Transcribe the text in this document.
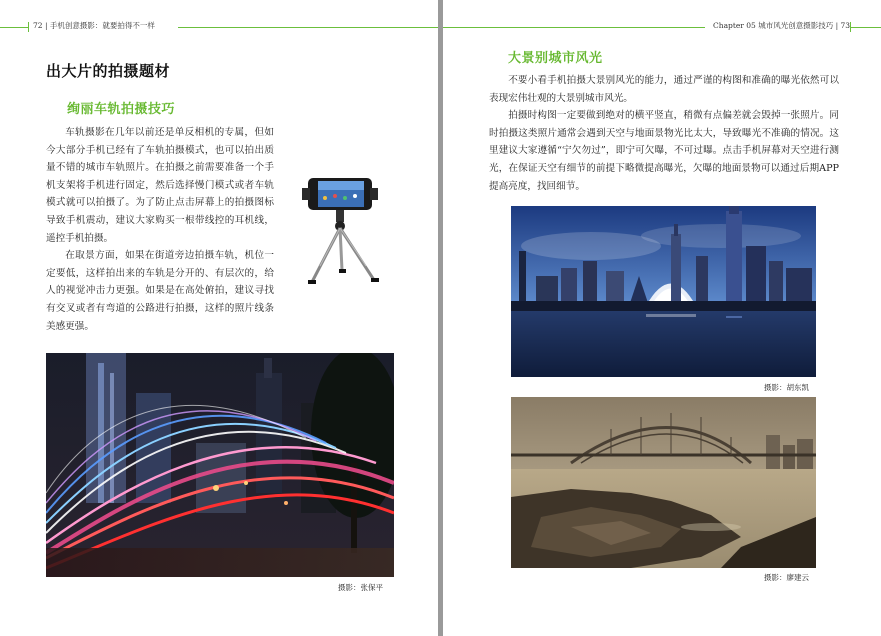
72 | 手机创意摄影：就要拍得不一样
出大片的拍摄题材
绚丽车轨拍摄技巧

车轨摄影在几年以前还是单反相机的专属，但如今大部分手机已经有了车轨拍摄模式，也可以拍出质量不错的城市车轨照片。在拍摄之前需要准备一个手机支架将手机进行固定，然后选择慢门模式或者车轨模式就可以拍摄了。为了防止点击屏幕上的拍摄图标导致手机震动，建议大家购买一根带线控的耳机线，遥控手机拍摄。

在取景方面，如果在街道旁边拍摄车轨，机位一定要低，这样拍出来的车轨是分开的、有层次的，给人的视觉冲击力更强。如果是在高处俯拍，建议寻找有交叉或者有弯道的公路进行拍摄，这样的照片线条美感更强。

摄影：张保平
Chapter 05 城市风光创意摄影技巧 | 73
大景别城市风光

不要小看手机拍摄大景别风光的能力，通过严谨的构图和准确的曝光依然可以表现宏伟壮观的大景别城市风光。

拍摄时构图一定要做到绝对的横平竖直，稍微有点偏差就会毁掉一张照片。同时拍摄这类照片通常会遇到天空与地面景物光比太大，导致曝光不准确的情况。这里建议大家遵循“宁欠勿过”，即宁可欠曝，不可过曝。点击手机屏幕对天空进行测光，在保证天空有细节的前提下略微提高曝光，欠曝的地面景物可以通过后期APP提高亮度，找回细节。

摄影：胡东凯
摄影：廖建云
